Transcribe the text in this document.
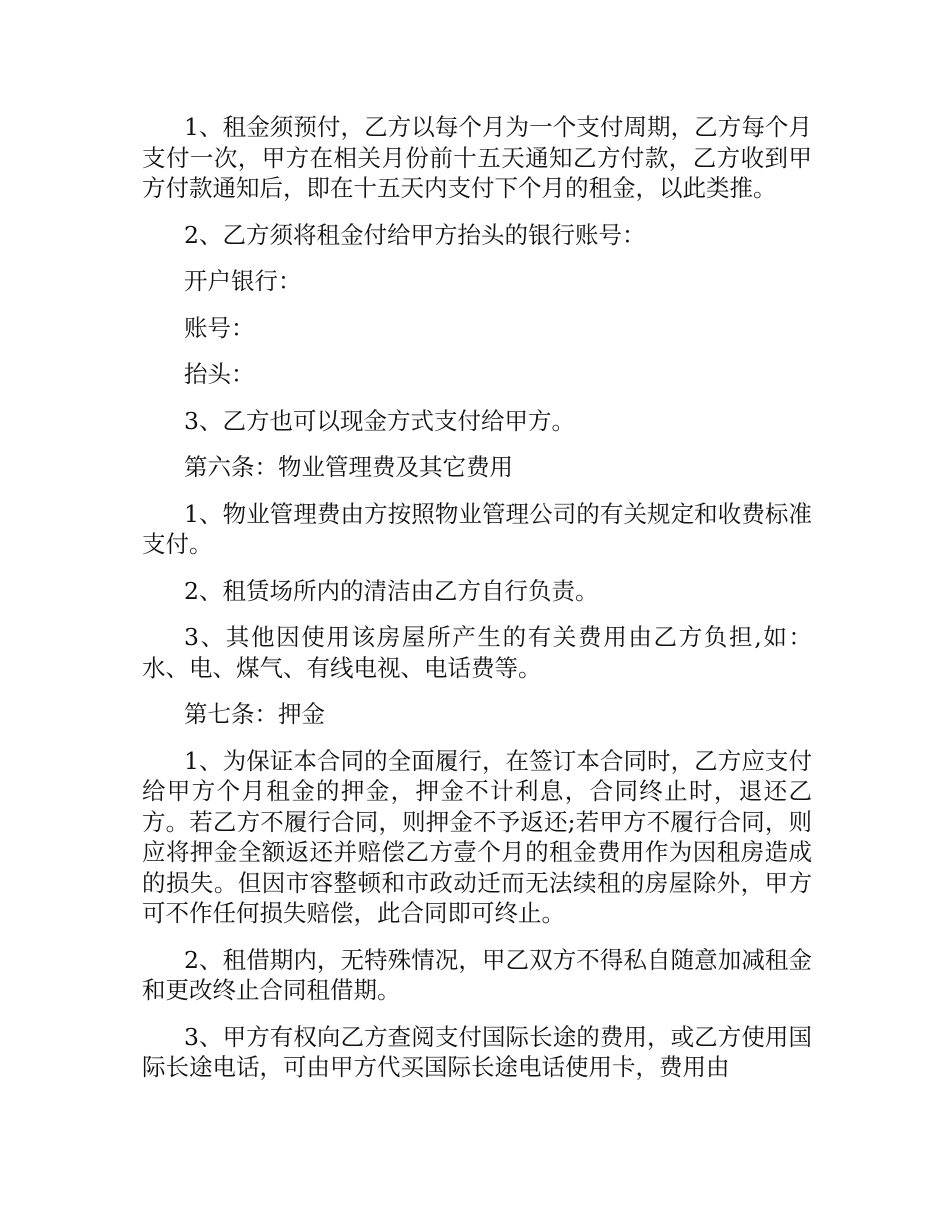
1、租金须预付，乙方以每个月为一个支付周期，乙方每个月支付一次，甲方在相关月份前十五天通知乙方付款，乙方收到甲方付款通知后，即在十五天内支付下个月的租金，以此类推。

2、乙方须将租金付给甲方抬头的银行账号：

开户银行：

账号：

抬头：

3、乙方也可以现金方式支付给甲方。

第六条：物业管理费及其它费用

1、物业管理费由方按照物业管理公司的有关规定和收费标准支付。

2、租赁场所内的清洁由乙方自行负责。

3、其他因使用该房屋所产生的有关费用由乙方负担,如：水、电、煤气、有线电视、电话费等。

第七条：押金

1、为保证本合同的全面履行，在签订本合同时，乙方应支付给甲方个月租金的押金，押金不计利息，合同终止时，退还乙方。若乙方不履行合同，则押金不予返还;若甲方不履行合同，则应将押金全额返还并赔偿乙方壹个月的租金费用作为因租房造成的损失。但因市容整顿和市政动迁而无法续租的房屋除外，甲方可不作任何损失赔偿，此合同即可终止。

2、租借期内，无特殊情况，甲乙双方不得私自随意加减租金和更改终止合同租借期。

3、甲方有权向乙方查阅支付国际长途的费用，或乙方使用国际长途电话，可由甲方代买国际长途电话使用卡，费用由
